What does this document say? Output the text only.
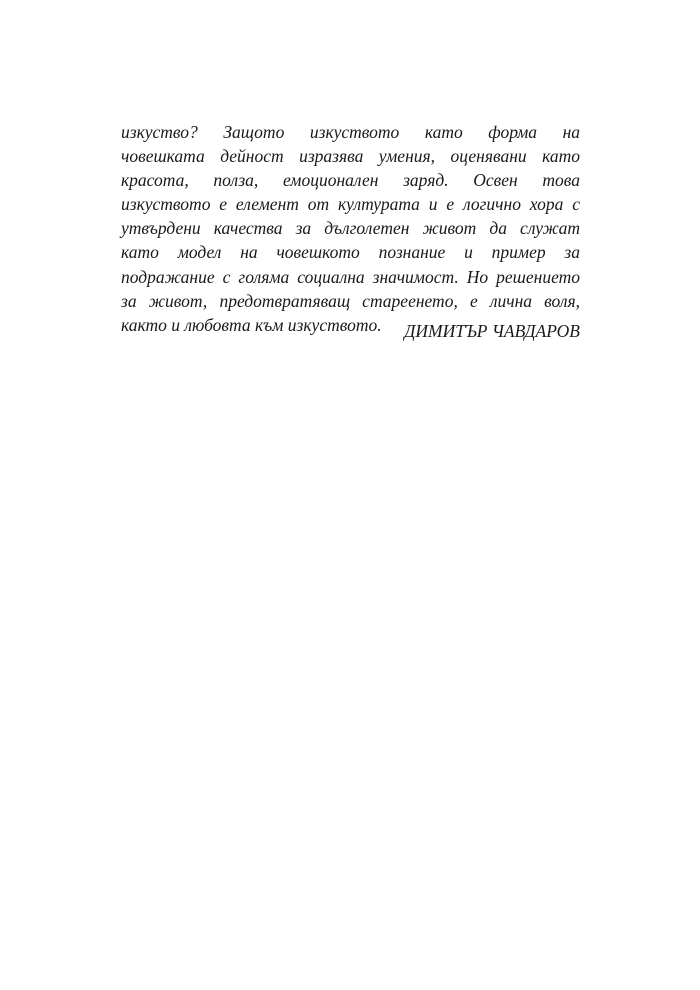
изкуство? Защото изкуството като форма на
човешката дейност изразява умения, оценявани като
красота, полза, емоционален заряд. Освен това
изкуството е елемент от културата и е логично хора с
утвърдени качества за дълголетен живот да служат
като модел на човешкото познание и пример за
подражание с голяма социална значимост. Но решението
за живот, предотвратяващ стареенето, е лична воля,
както и любовта към изкуството.	ДИМИТЪР ЧАВДАРОВ
